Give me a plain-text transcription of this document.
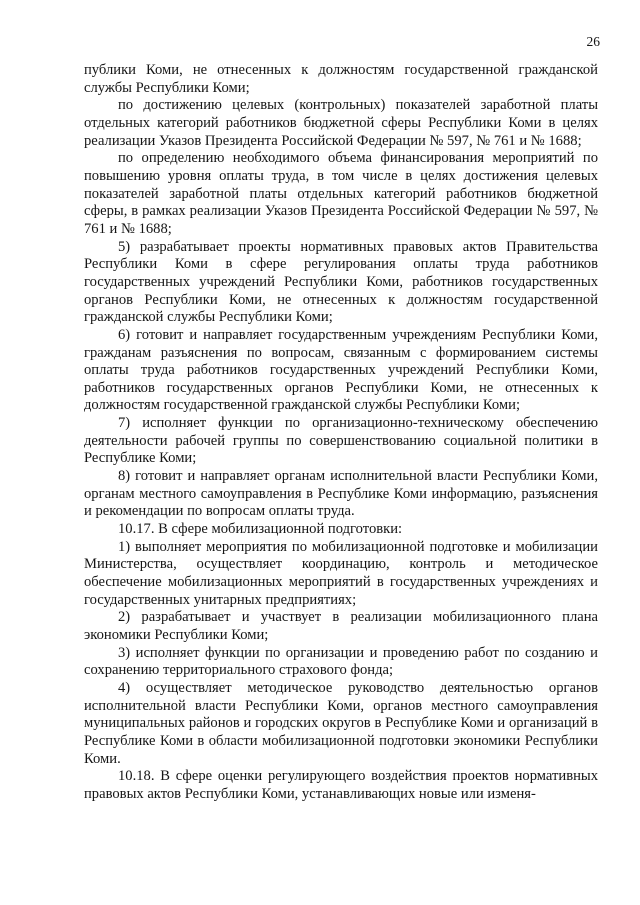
26

публики Коми, не отнесенных к должностям государственной гражданской службы Республики Коми;

по достижению целевых (контрольных) показателей заработной платы отдельных категорий работников бюджетной сферы Республики Коми в целях реализации Указов Президента Российской Федерации № 597, № 761 и № 1688;

по определению необходимого объема финансирования мероприятий по повышению уровня оплаты труда, в том числе в целях достижения целевых показателей заработной платы отдельных категорий работников бюджетной сферы, в рамках реализации Указов Президента Российской Федерации № 597, № 761 и № 1688;

5) разрабатывает проекты нормативных правовых актов Правительства Республики Коми в сфере регулирования оплаты труда работников государственных учреждений Республики Коми, работников государственных органов Республики Коми, не отнесенных к должностям государственной гражданской службы Республики Коми;

6) готовит и направляет государственным учреждениям Республики Коми, гражданам разъяснения по вопросам, связанным с формированием системы оплаты труда работников государственных учреждений Республики Коми, работников государственных органов Республики Коми, не отнесенных к должностям государственной гражданской службы Республики Коми;

7) исполняет функции по организационно-техническому обеспечению деятельности рабочей группы по совершенствованию социальной политики в Республике Коми;

8) готовит и направляет органам исполнительной власти Республики Коми, органам местного самоуправления в Республике Коми информацию, разъяснения и рекомендации по вопросам оплаты труда.

10.17. В сфере мобилизационной подготовки:

1) выполняет мероприятия по мобилизационной подготовке и мобилизации Министерства, осуществляет координацию, контроль и методическое обеспечение мобилизационных мероприятий в государственных учреждениях и государственных унитарных предприятиях;

2) разрабатывает и участвует в реализации мобилизационного плана экономики Республики Коми;

3) исполняет функции по организации и проведению работ по созданию и сохранению территориального страхового фонда;

4) осуществляет методическое руководство деятельностью органов исполнительной власти Республики Коми, органов местного самоуправления муниципальных районов и городских округов в Республике Коми и организаций в Республике Коми в области мобилизационной подготовки экономики Республики Коми.

10.18. В сфере оценки регулирующего воздействия проектов нормативных правовых актов Республики Коми, устанавливающих новые или изменя-
